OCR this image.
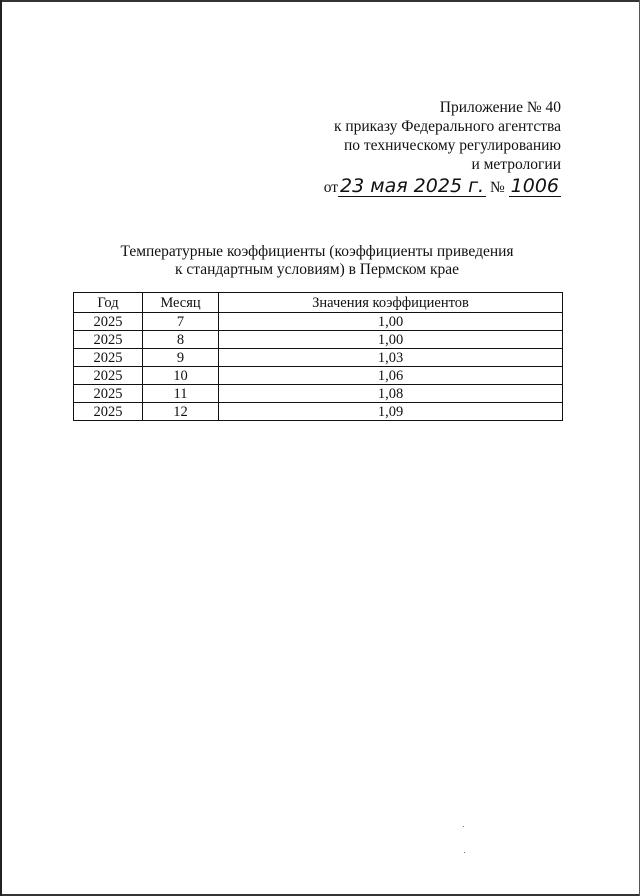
Приложение № 40
к приказу Федерального агентства
по техническому регулированию
и метрологии
от 23 мая 2025 г. № 1006
Температурные коэффициенты (коэффициенты приведения
к стандартным условиям) в Пермском крае
Год	Месяц	Значения коэффициентов
2025	7	1,00
2025	8	1,00
2025	9	1,03
2025	10	1,06
2025	11	1,08
2025	12	1,09
